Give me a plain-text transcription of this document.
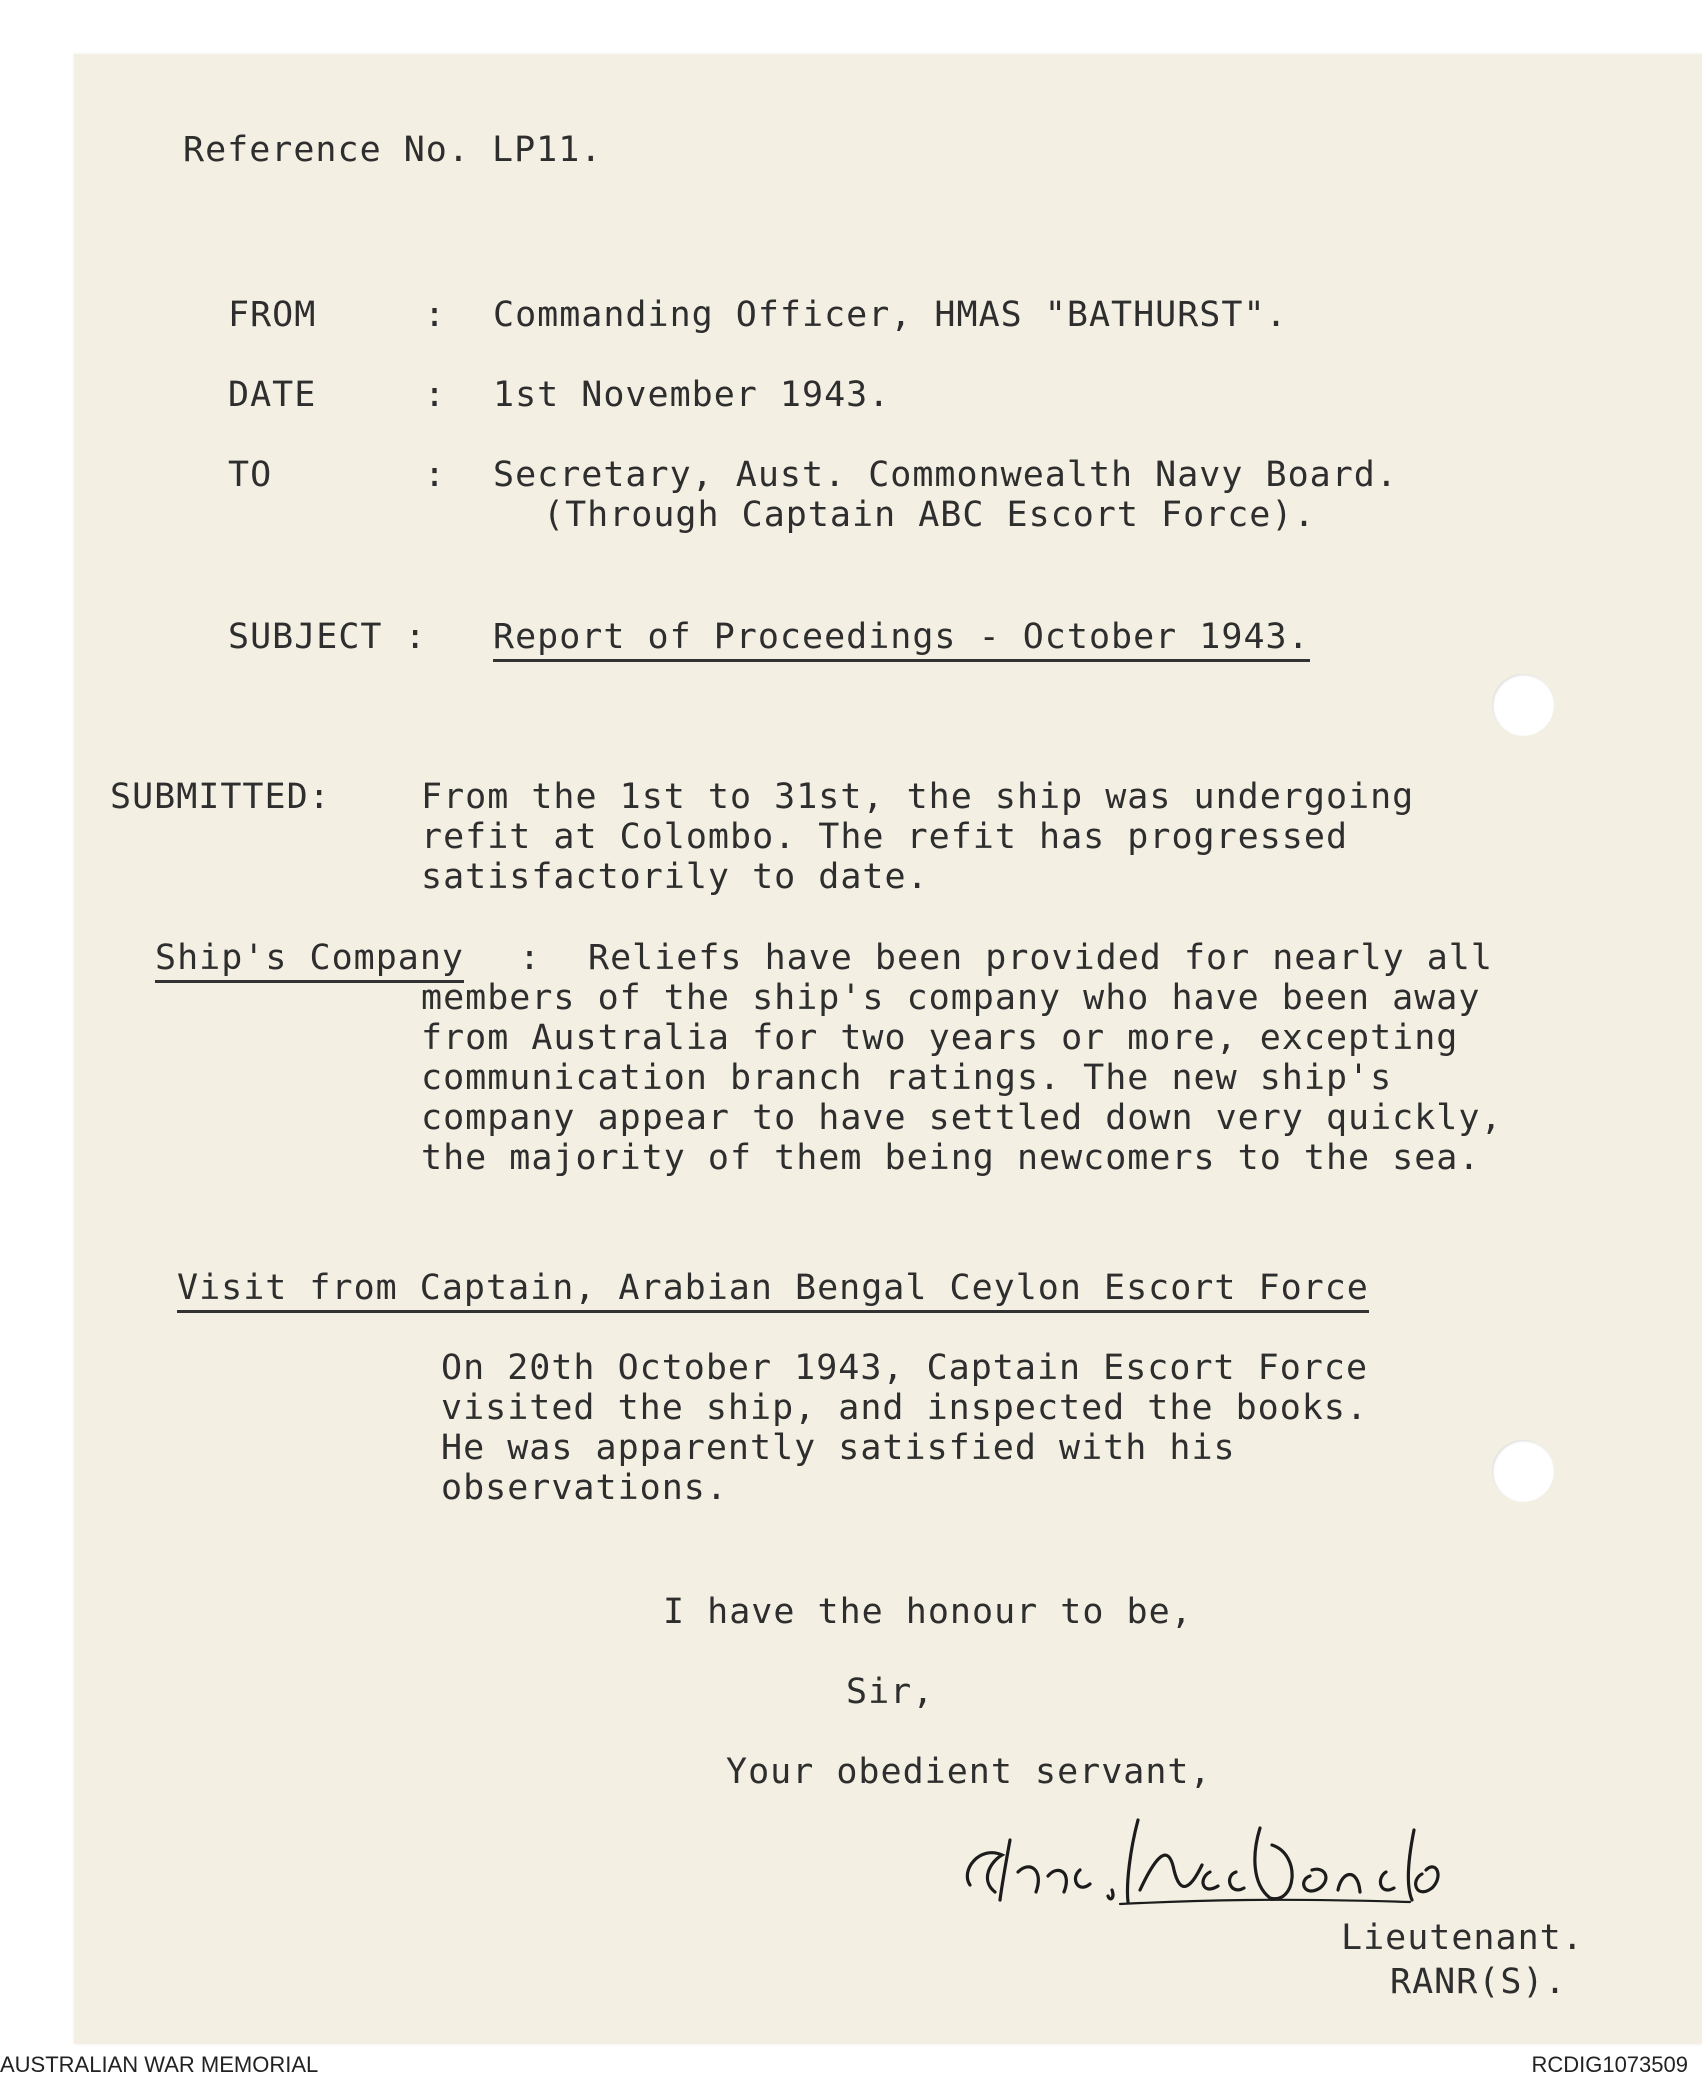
Reference No. LP11.
FROM	: Commanding Officer, HMAS "BATHURST".
DATE	: 1st November 1943.
TO	: Secretary, Aust. Commonwealth Navy Board.
(Through Captain ABC Escort Force).
SUBJECT : Report of Proceedings - October 1943.
SUBMITTED:	From the 1st to 31st, the ship was undergoing
refit at Colombo. The refit has progressed
satisfactorily to date.
Ship's Company : Reliefs have been provided for nearly all
members of the ship's company who have been away
from Australia for two years or more, excepting
communication branch ratings. The new ship's
company appear to have settled down very quickly,
the majority of them being newcomers to the sea.
Visit from Captain, Arabian Bengal Ceylon Escort Force
On 20th October 1943, Captain Escort Force
visited the ship, and inspected the books.
He was apparently satisfied with his
observations.
I have the honour to be,
Sir,
Your obedient servant,
Lieutenant.
RANR(S).
AUSTRALIAN WAR MEMORIAL	RCDIG1073509
